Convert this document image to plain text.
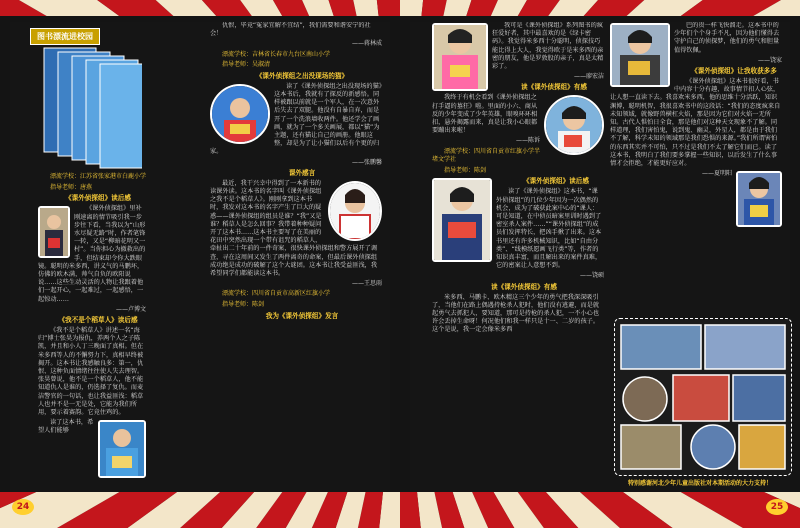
漂流学校：江苏省张家港市白鹿小学

指导老师：唐燕

《课外侦探组》读后感

《课外侦探组》里补刚速离的情节吸引我一步步往下看，当我以为“山形水尽疑无路”时，作者笔锋一转，又是“柳暗花明又一村”。当你担心为撤救出的手，但结束却令你大跌眼镜。聪明的米多西，讲义气的马鹏坏，仿佛的欧木满，帅气自负的欧阳说说……这些生动灵活的人物让我跟着他们一起开心，一起难过，一起感悟，一起惊动……

——卢博文

《我不是个稻草人》读后感

《我不是个稻草人》讲述一名“海归”博士张昊为报仇，养两个人之子陈凯，并且和小人丁三晚面了真相。但在米多西等人的不懈努力下，真相早终被揭开。这本书让我感触良多：第一，仇恨、这种负面情绪往往使人失去理智。张昊曾说，他不是一个稻草人，他不能知道仇人是谁的，仍选择了复仇。而麦洁警官的一句话，也让我益匪浅：稻草人也并不是一无是处，它能为我们所用，要示着赛韵。它竟住鸡的。

读了这本书，希望人们能够

仇恨，毕竟“冤家宜解不宜结”，我们需要和谐安宁的社会！

——蒋林成

漂流学校：吉林省长春市九台区南山小学

指导老师：吴淑清

《课外侦探组之出没现场的猫》

读了《课外侦探组之出没现场的猫》这本书后，我就有了探反的新感悟。同样被跟以前就是一个军人，在一次意外后失去了双腿。他没有自暴自弃，而是开了一个洗浪墙收两件。他还学会了画画，就为了一个多关画展，都以“猫”为主题，还有猫让自己的画册。他眼这整，却是为了让小猫们以后有个更的归家。

——张鹏馨

课外感言

最近，我干兴幸中得到了一本新书的读课外读。这本书的名字叫《课外侦探组之我不是个稻草人》。刚刚拿到这本书时，我发对这本书的名字产生了巨大的疑惑——课外侦探组的组员是谁？“我”又是谁？稻草人是怎么回事？我带着种种疑问开了这本书……这本书主要写了在美丽的花田中突然出现一个带有诅咒的稻草人，牵扯出二十年前的一件奇案，很快课外侦探组和警方展开了调查，寻在这周间又发生了两件离奇的命案，但最后课外侦探组成功绝是成功的破解了这个大谜团。这本书让我受益匪浅，我希望同学们都能读这本书。

——王思雨

漂流学校：四川省自贡市高新区红旗小学

指导老师：陈剑

我为《课外侦探组》发言

图书漂流进校园

我可是《课外侦探组》系列图书的疯狂爱好者，其中最喜欢的是《绿卡密码》。我觉得米多西十分聪明，侦探技巧能比得上大人，我觉得欧于是米多西的亲密的朋友，他是罗敦股的亲子，真是太精彩了。

——廖宏洁

读《课外侦探组》有感

我终于有机会看到《课外侦探组之打手逼的墓狂》啦。里面的小六、商从反的少年变成了少年英雄，眼嗅环环相扣，悬外揭露而来，真是让我小心眼都要蹦出来啦！

——陈诉

漂流学校：四川省自贡市红旗小学半堵文学社

指导老师：陈剑

《课外侦探组》读后感

读了《课外侦探组》这本书，“课外侦探组”的几位少年因为一次偶然的机会，成为了破获此案中心的“课人：可是知道，在中侦员暗案里训时遇到了密室杀人案件……”“课外侦探组”的成员们发挥特长，把凶手揪了出来。这本书里还有许多机械知识，比如“自由分类”、“线模纸愿画飞行类”等，作者的知识真丰富，而且解出来的案件真难，它的密案让人意想不到。

——饶硕

读《课外侦探组》有感

米多西、马鹏卡、欧木精这三个少年的勇气把我深深吸引了，当他们在路上偶遇持枪杀人犯时，他们没有逃避，而是就起勇气去抓犯人，要知道，那可是持枪的杀人犯，一不小心也许会丢掉生命呀！何况他们和我一样只是十一、二岁的孩子。这个是说，我一定会像米多西

巴的贵一样飞快溜走。这本书中的少年们个个身手不凡，因为他们懂得去守护自己的侦探梦，他们的勇气和胆量值得钦佩。

——饶家

《课外侦探组》让我收获多多

《课外侦探组》这本书很好看，书中内容十分有趣，故事情节扣人心弦，让人想一直读下去。我喜欢米多西，他的思维十分活跃，知识渊博，聪明机智，我很喜欢书中的这段话：“我们的态度疯来自未知领域，就像野兽横杠火焰，那是因为它们对火焰一无所知。古代人惧怕日全食，那是他们对这种天文现象不了解。同样道理，我们害怕鬼，说到鬼、幽灵，外星人，都是由于我们不了解，科学未知的领域那是我们恐惧的来源。”我们所谓害怕的东西其实并不可怕，只不过是我们不太了解它们而已。读了这本书，我明白了我们要多掌握一些知识，以后发生了什么事情才会拒绝，才能更好应对。

——夏明阳

特别感谢河北少年儿童出版社对本期活动的大力支持！
24	25
